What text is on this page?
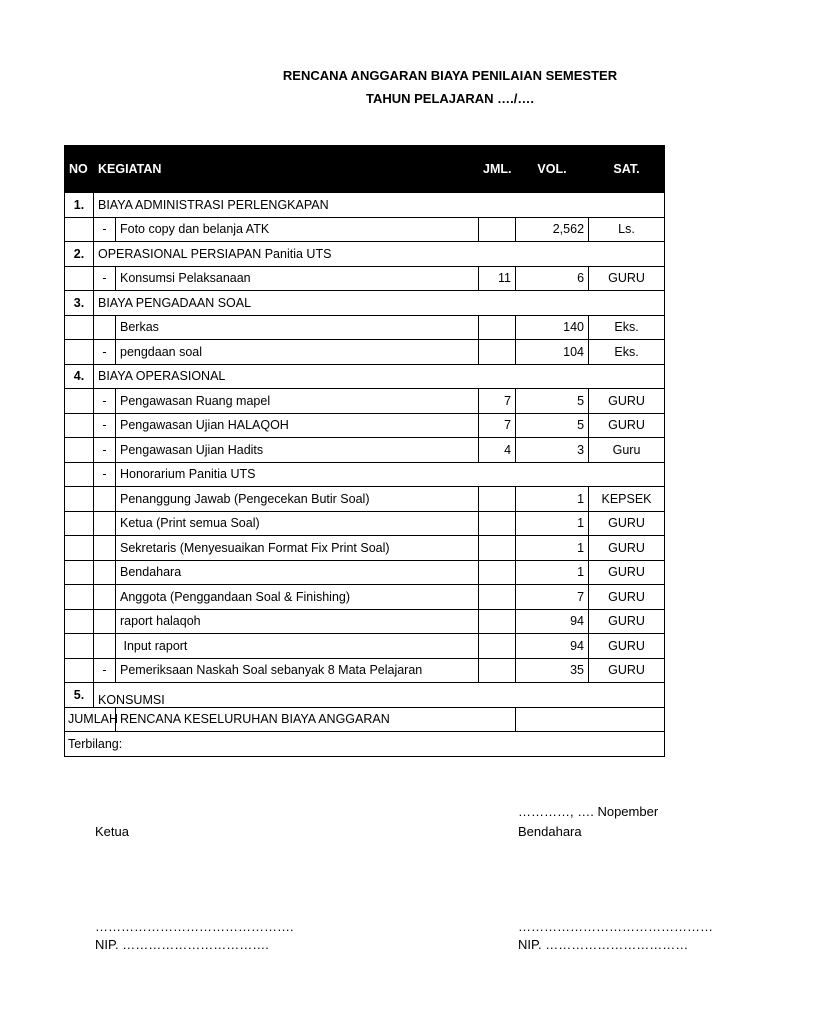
RENCANA ANGGARAN BIAYA PENILAIAN SEMESTER
TAHUN PELAJARAN …./….
NO	KEGIATAN		JML.	VOL.	SAT.
1.	BIAYA ADMINISTRASI PERLENGKAPAN				
	-	Foto copy dan belanja ATK		2,562	Ls.
2.	OPERASIONAL PERSIAPAN Panitia UTS				
	-	Konsumsi Pelaksanaan	11	6	GURU
3.	BIAYA PENGADAAN SOAL				
		Berkas		140	Eks.
	-	pengdaan soal		104	Eks.
4.	BIAYA OPERASIONAL				
	-	Pengawasan Ruang mapel	7	5	GURU
	-	Pengawasan Ujian HALAQOH	7	5	GURU
	-	Pengawasan Ujian Hadits	4	3	Guru
	-	Honorarium Panitia UTS			
		Penanggung Jawab (Pengecekan Butir Soal)		1	KEPSEK
		Ketua (Print semua Soal)		1	GURU
		Sekretaris (Menyesuaikan Format Fix Print Soal)		1	GURU
		Bendahara		1	GURU
		Anggota (Penggandaan Soal & Finishing)		7	GURU
		raport halaqoh		94	GURU
		Input raport		94	GURU
	-	Pemeriksaan Naskah Soal sebanyak 8 Mata Pelajaran		35	GURU
5.	KONSUMSI				
JUMLAH		RENCANA KESELURUHAN BIAYA ANGGARAN			
Terbilang:					
…………, …. Nopember
Ketua	Bendahara
……………………………………….
NIP. …………………………….
………………………………………
NIP. ……………………………
